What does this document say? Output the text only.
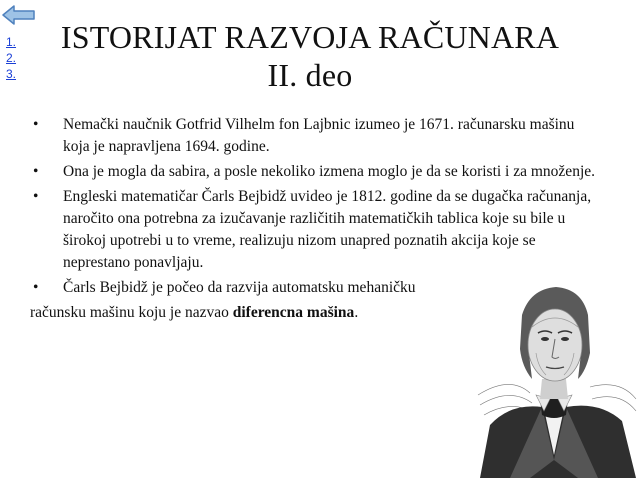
1.
2.
3.
ISTORIJAT RAZVOJA RAČUNARA
II. deo
• Nemački naučnik Gotfrid Vilhelm fon Lajbnic izumeo je 1671. računarsku mašinu koja je napravljena 1694. godine.
• Ona je mogla da sabira, a posle nekoliko izmena moglo je da se koristi i za množenje.
• Engleski matematičar Čarls Bejbidž uvideo je 1812. godine da se dugačka računanja, naročito ona potrebna za izučavanje različitih matematičkih tablica koje su bile u širokoj upotrebi u to vreme, realizuju nizom unapred poznatih akcija koje se neprestano ponavljaju.
• Čarls Bejbidž je počeo da razvija automatsku mehaničku

računsku mašinu koju je nazvao diferencna mašina.
